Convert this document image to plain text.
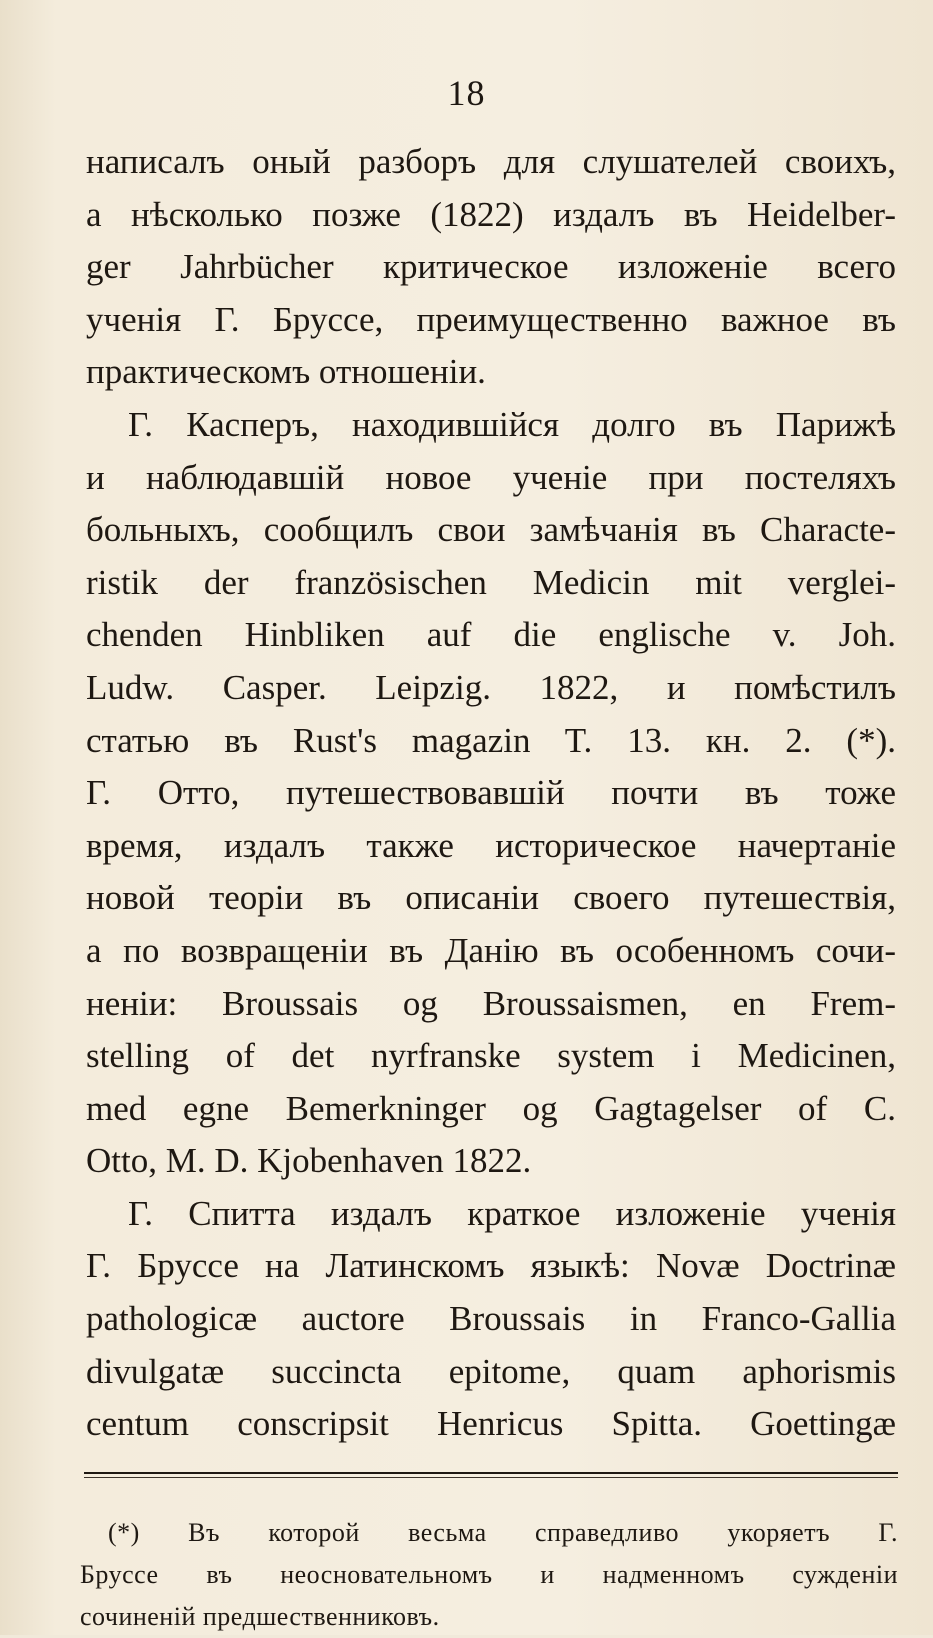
18
написалъ оный разборъ для слушателей своихъ,
а нѣсколько позже (1822) издалъ въ Heidelber-
ger Jahrbücher критическое изложеніе всего
ученія Г. Бруссе, преимущественно важное въ
практическомъ отношеніи.
Г. Касперъ, находившійся долго въ Парижѣ
и наблюдавшій новое ученіе при постеляхъ
больныхъ, сообщилъ свои замѣчанія въ Characte-
ristik der französischen Medicin mit verglei-
chenden Hinbliken auf die englische v. Joh.
Ludw. Casper. Leipzig. 1822, и помѣстилъ
статью въ Rust's magazin T. 13. кн. 2. (*).
Г. Отто, путешествовавшій почти въ тоже
время, издалъ также историческое начертаніе
новой теоріи въ описаніи своего путешествія,
а по возвращеніи въ Данію въ особенномъ сочи-
неніи: Broussais og Broussaismen, en Frem-
stelling of det nyrfranske system i Medicinen,
med egne Bemerkninger og Gagtagelser of C.
Otto, M. D. Kjobenhaven 1822.
Г. Спитта издалъ краткое изложеніе ученія
Г. Бруссе на Латинскомъ языкѣ: Novæ Doctrinæ
pathologicæ auctore Broussais in Franco-Gallia
divulgatæ succincta epitome, quam aphorismis
centum conscripsit Henricus Spitta. Goettingæ
(*) Въ которой весьма справедливо укоряетъ Г.
Бруссе въ неосновательномъ и надменномъ сужденіи
сочиненій предшественниковъ.
